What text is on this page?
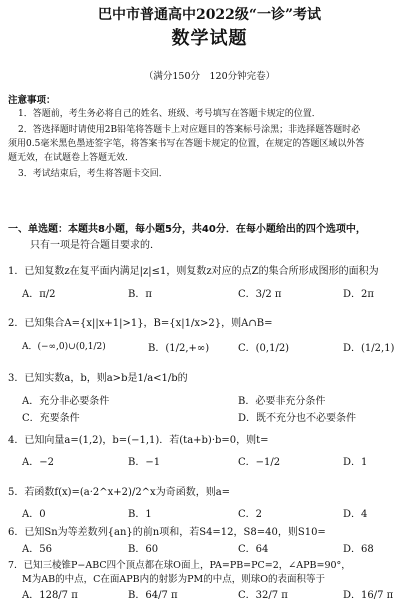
巴中市普通高中2022级“一诊”考试
数学试题
（满分150分　120分钟完卷）
注意事项：
1．答题前，考生务必将自己的姓名、班级、考号填写在答题卡规定的位置．
2．答选择题时请使用2B铅笔将答题卡上对应题目的答案标号涂黑；非选择题答题时必
须用0.5毫米黑色墨迹签字笔，将答案书写在答题卡规定的位置，在规定的答题区域以外答
题无效，在试题卷上答题无效．
3．考试结束后，考生将答题卡交回．
一、单选题：本题共8小题，每小题5分，共40分．在每小题给出的四个选项中，
只有一项是符合题目要求的．
1．已知复数z在复平面内满足|z|≤1，则复数z对应的点Z的集合所形成图形的面积为
A．π/2	B．π	C．3/2 π	D．2π
2．已知集合A={x||x+1|>1}，B={x|1/x>2}，则A∩B=
A．(−∞,0)∪(0,1/2)	B．(1/2,+∞)	C．(0,1/2)	D．(1/2,1)
3．已知实数a，b，则a>b是1/a<1/b的
A．充分非必要条件	B．必要非充分条件
C．充要条件	D．既不充分也不必要条件
4．已知向量a=(1,2)，b=(−1,1)．若(ta+b)·b=0，则t=
A．−2	B．−1	C．−1/2	D．1
5．若函数f(x)=(a·2^x+2)/2^x为奇函数，则a=
A．0	B．1	C．2	D．4
6．已知Sn为等差数列{an}的前n项和，若S4=12，S8=40，则S10=
A．56	B．60	C．64	D．68
7．已知三棱锥P−ABC四个顶点都在球O面上，PA=PB=PC=2，∠APB=90°，
M为AB的中点，C在面APB内的射影为PM的中点，则球O的表面积等于
A．128/7 π	B．64/7 π	C．32/7 π	D．16/7 π
